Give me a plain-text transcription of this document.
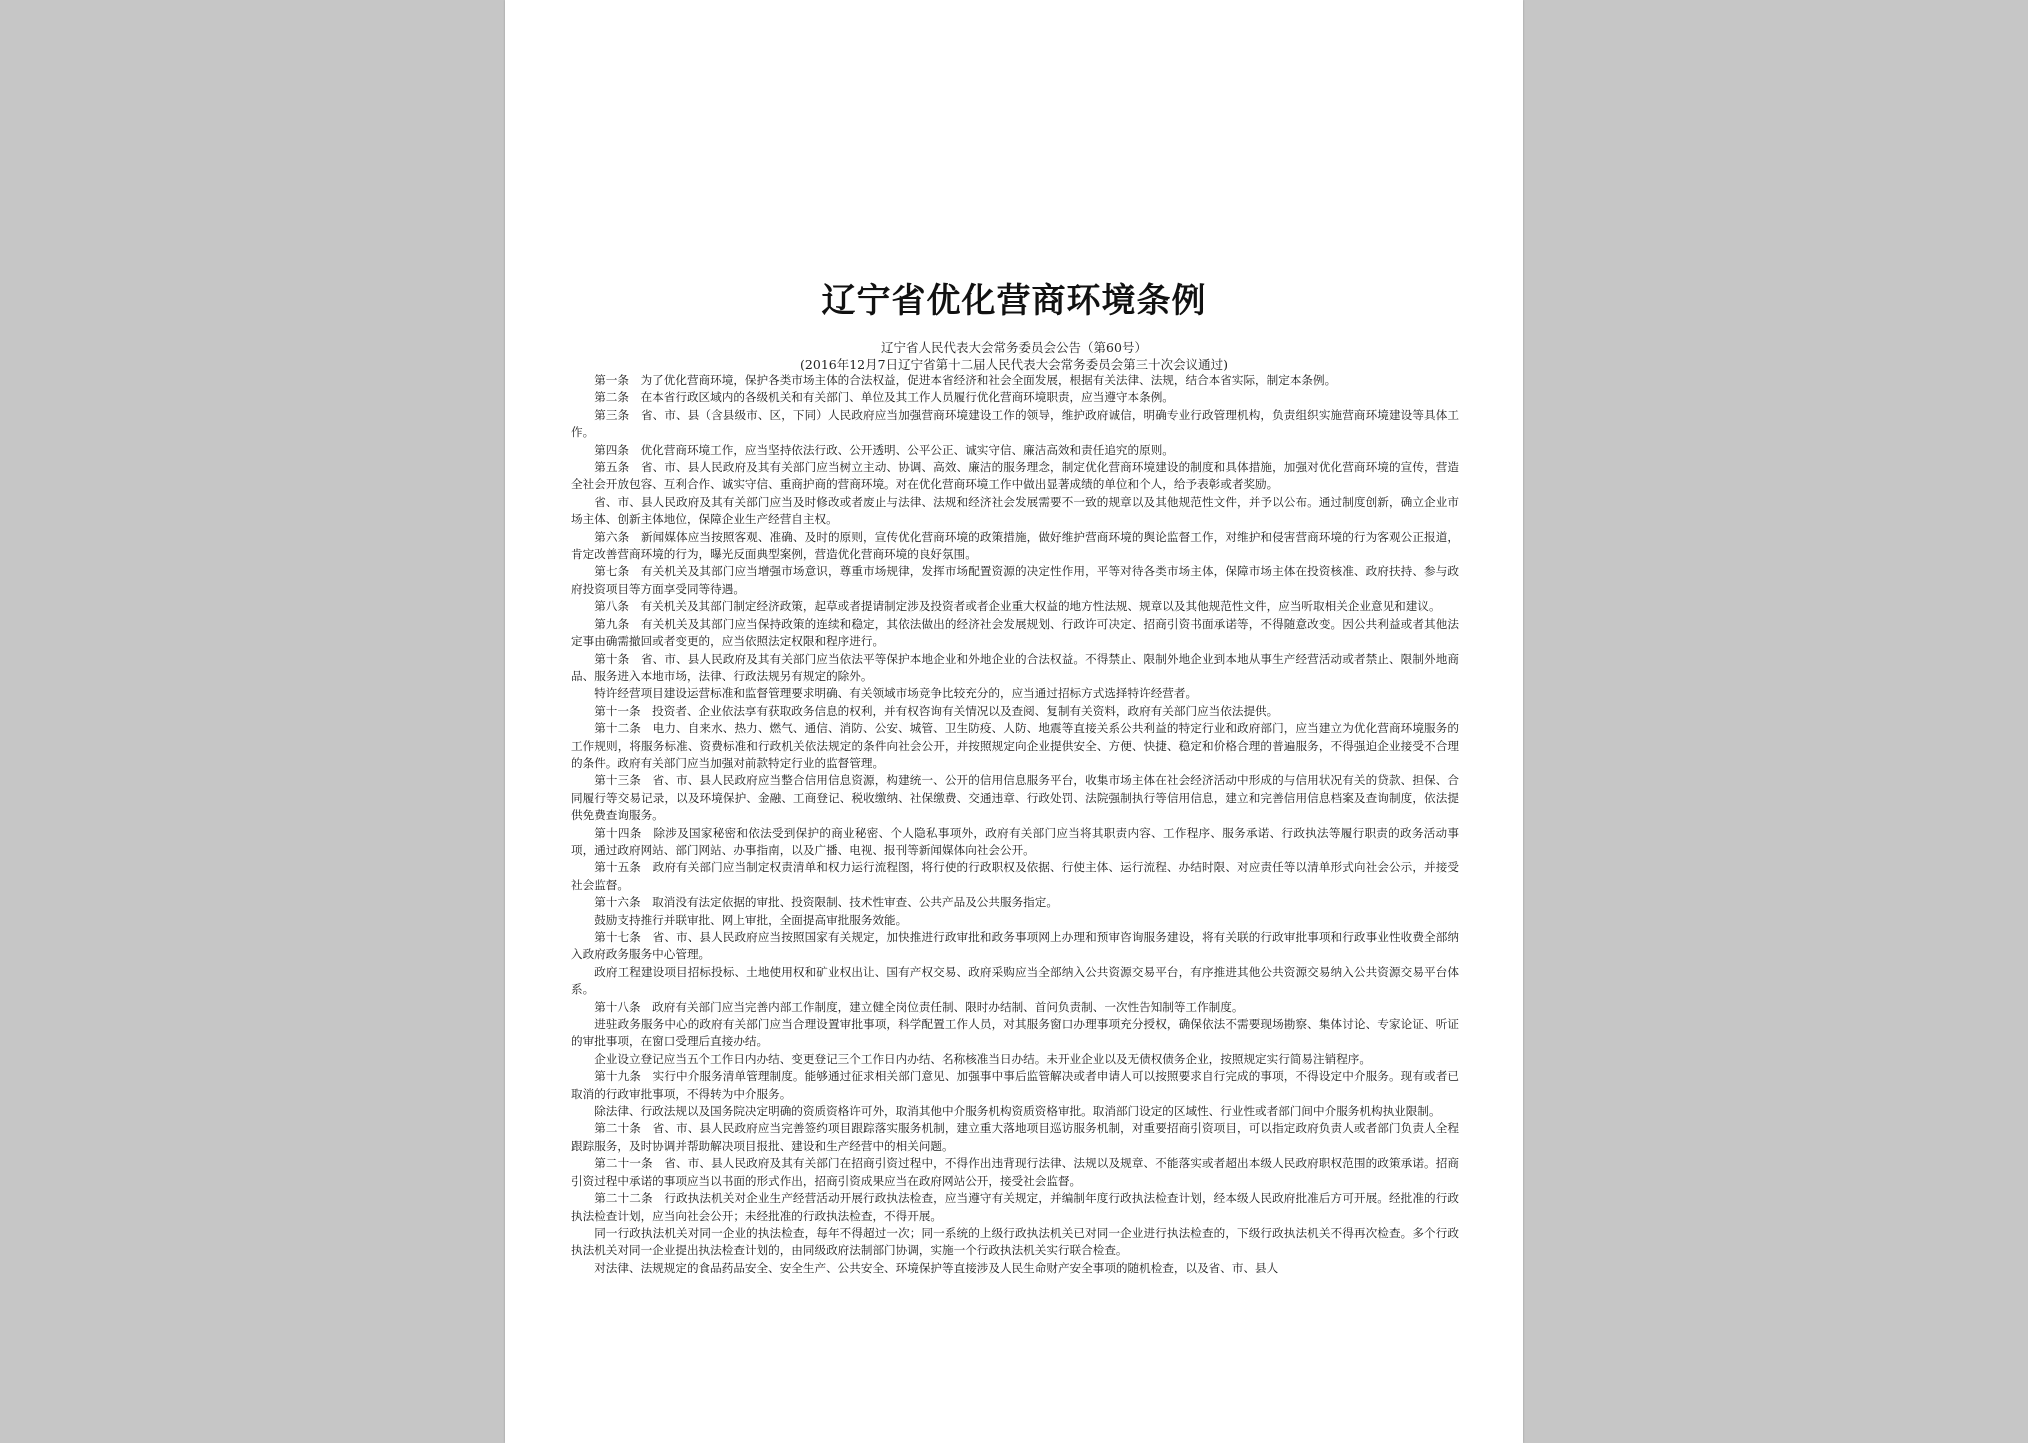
辽宁省优化营商环境条例
辽宁省人民代表大会常务委员会公告（第60号）
(2016年12月7日辽宁省第十二届人民代表大会常务委员会第三十次会议通过)

第一条　为了优化营商环境，保护各类市场主体的合法权益，促进本省经济和社会全面发展，根据有关法律、法规，结合本省实际，制定本条例。

第二条　在本省行政区域内的各级机关和有关部门、单位及其工作人员履行优化营商环境职责，应当遵守本条例。

第三条　省、市、县（含县级市、区，下同）人民政府应当加强营商环境建设工作的领导，维护政府诚信，明确专业行政管理机构，负责组织实施营商环境建设等具体工作。

第四条　优化营商环境工作，应当坚持依法行政、公开透明、公平公正、诚实守信、廉洁高效和责任追究的原则。

第五条　省、市、县人民政府及其有关部门应当树立主动、协调、高效、廉洁的服务理念，制定优化营商环境建设的制度和具体措施，加强对优化营商环境的宣传，营造全社会开放包容、互利合作、诚实守信、重商护商的营商环境。对在优化营商环境工作中做出显著成绩的单位和个人，给予表彰或者奖励。

省、市、县人民政府及其有关部门应当及时修改或者废止与法律、法规和经济社会发展需要不一致的规章以及其他规范性文件，并予以公布。通过制度创新，确立企业市场主体、创新主体地位，保障企业生产经营自主权。

第六条　新闻媒体应当按照客观、准确、及时的原则，宣传优化营商环境的政策措施，做好维护营商环境的舆论监督工作，对维护和侵害营商环境的行为客观公正报道，肯定改善营商环境的行为，曝光反面典型案例，营造优化营商环境的良好氛围。

第七条　有关机关及其部门应当增强市场意识，尊重市场规律，发挥市场配置资源的决定性作用，平等对待各类市场主体，保障市场主体在投资核准、政府扶持、参与政府投资项目等方面享受同等待遇。

第八条　有关机关及其部门制定经济政策，起草或者提请制定涉及投资者或者企业重大权益的地方性法规、规章以及其他规范性文件，应当听取相关企业意见和建议。

第九条　有关机关及其部门应当保持政策的连续和稳定，其依法做出的经济社会发展规划、行政许可决定、招商引资书面承诺等，不得随意改变。因公共利益或者其他法定事由确需撤回或者变更的，应当依照法定权限和程序进行。

第十条　省、市、县人民政府及其有关部门应当依法平等保护本地企业和外地企业的合法权益。不得禁止、限制外地企业到本地从事生产经营活动或者禁止、限制外地商品、服务进入本地市场，法律、行政法规另有规定的除外。

特许经营项目建设运营标准和监督管理要求明确、有关领域市场竞争比较充分的，应当通过招标方式选择特许经营者。

第十一条　投资者、企业依法享有获取政务信息的权利，并有权咨询有关情况以及查阅、复制有关资料，政府有关部门应当依法提供。

第十二条　电力、自来水、热力、燃气、通信、消防、公安、城管、卫生防疫、人防、地震等直接关系公共利益的特定行业和政府部门，应当建立为优化营商环境服务的工作规则，将服务标准、资费标准和行政机关依法规定的条件向社会公开，并按照规定向企业提供安全、方便、快捷、稳定和价格合理的普遍服务，不得强迫企业接受不合理的条件。政府有关部门应当加强对前款特定行业的监督管理。

第十三条　省、市、县人民政府应当整合信用信息资源，构建统一、公开的信用信息服务平台，收集市场主体在社会经济活动中形成的与信用状况有关的贷款、担保、合同履行等交易记录，以及环境保护、金融、工商登记、税收缴纳、社保缴费、交通违章、行政处罚、法院强制执行等信用信息，建立和完善信用信息档案及查询制度，依法提供免费查询服务。

第十四条　除涉及国家秘密和依法受到保护的商业秘密、个人隐私事项外，政府有关部门应当将其职责内容、工作程序、服务承诺、行政执法等履行职责的政务活动事项，通过政府网站、部门网站、办事指南，以及广播、电视、报刊等新闻媒体向社会公开。

第十五条　政府有关部门应当制定权责清单和权力运行流程图，将行使的行政职权及依据、行使主体、运行流程、办结时限、对应责任等以清单形式向社会公示，并接受社会监督。

第十六条　取消没有法定依据的审批、投资限制、技术性审查、公共产品及公共服务指定。

鼓励支持推行并联审批、网上审批，全面提高审批服务效能。

第十七条　省、市、县人民政府应当按照国家有关规定，加快推进行政审批和政务事项网上办理和预审咨询服务建设，将有关联的行政审批事项和行政事业性收费全部纳入政府政务服务中心管理。

政府工程建设项目招标投标、土地使用权和矿业权出让、国有产权交易、政府采购应当全部纳入公共资源交易平台，有序推进其他公共资源交易纳入公共资源交易平台体系。

第十八条　政府有关部门应当完善内部工作制度，建立健全岗位责任制、限时办结制、首问负责制、一次性告知制等工作制度。

进驻政务服务中心的政府有关部门应当合理设置审批事项，科学配置工作人员，对其服务窗口办理事项充分授权，确保依法不需要现场勘察、集体讨论、专家论证、听证的审批事项，在窗口受理后直接办结。

企业设立登记应当五个工作日内办结、变更登记三个工作日内办结、名称核准当日办结。未开业企业以及无债权债务企业，按照规定实行简易注销程序。

第十九条　实行中介服务清单管理制度。能够通过征求相关部门意见、加强事中事后监管解决或者申请人可以按照要求自行完成的事项，不得设定中介服务。现有或者已取消的行政审批事项，不得转为中介服务。

除法律、行政法规以及国务院决定明确的资质资格许可外，取消其他中介服务机构资质资格审批。取消部门设定的区域性、行业性或者部门间中介服务机构执业限制。

第二十条　省、市、县人民政府应当完善签约项目跟踪落实服务机制，建立重大落地项目巡访服务机制，对重要招商引资项目，可以指定政府负责人或者部门负责人全程跟踪服务，及时协调并帮助解决项目报批、建设和生产经营中的相关问题。

第二十一条　省、市、县人民政府及其有关部门在招商引资过程中，不得作出违背现行法律、法规以及规章、不能落实或者超出本级人民政府职权范围的政策承诺。招商引资过程中承诺的事项应当以书面的形式作出，招商引资成果应当在政府网站公开，接受社会监督。

第二十二条　行政执法机关对企业生产经营活动开展行政执法检查，应当遵守有关规定，并编制年度行政执法检查计划，经本级人民政府批准后方可开展。经批准的行政执法检查计划，应当向社会公开；未经批准的行政执法检查，不得开展。

同一行政执法机关对同一企业的执法检查，每年不得超过一次；同一系统的上级行政执法机关已对同一企业进行执法检查的，下级行政执法机关不得再次检查。多个行政执法机关对同一企业提出执法检查计划的，由同级政府法制部门协调，实施一个行政执法机关实行联合检查。

对法律、法规规定的食品药品安全、安全生产、公共安全、环境保护等直接涉及人民生命财产安全事项的随机检查，以及省、市、县人
